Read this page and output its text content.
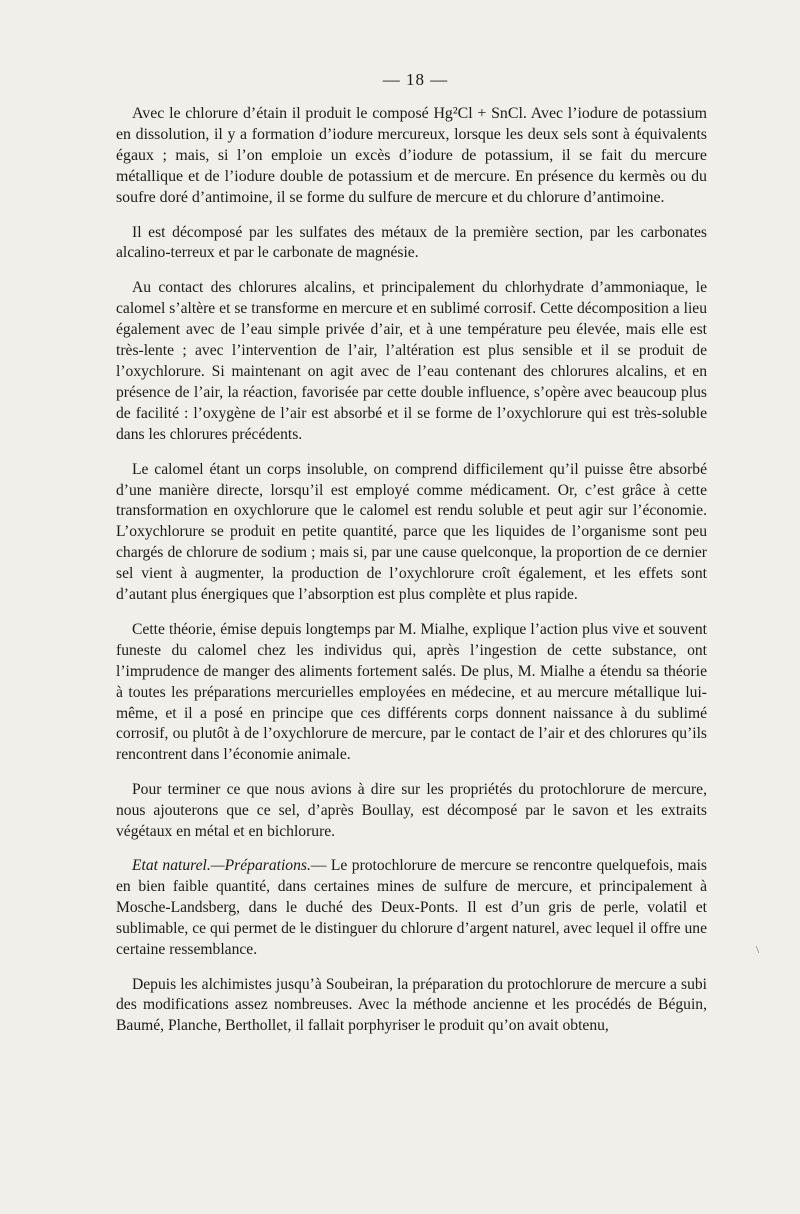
— 18 —

Avec le chlorure d’étain il produit le composé Hg²Cl + SnCl. Avec l’iodure de potassium en dissolution, il y a formation d’iodure mercureux, lorsque les deux sels sont à équivalents égaux ; mais, si l’on emploie un excès d’iodure de potassium, il se fait du mercure métallique et de l’iodure double de potassium et de mercure. En présence du kermès ou du soufre doré d’antimoine, il se forme du sulfure de mercure et du chlorure d’antimoine.

Il est décomposé par les sulfates des métaux de la première section, par les carbonates alcalino-terreux et par le carbonate de magnésie.

Au contact des chlorures alcalins, et principalement du chlorhydrate d’ammoniaque, le calomel s’altère et se transforme en mercure et en sublimé corrosif. Cette décomposition a lieu également avec de l’eau simple privée d’air, et à une température peu élevée, mais elle est très-lente ; avec l’intervention de l’air, l’altération est plus sensible et il se produit de l’oxychlorure. Si maintenant on agit avec de l’eau contenant des chlorures alcalins, et en présence de l’air, la réaction, favorisée par cette double influence, s’opère avec beaucoup plus de facilité : l’oxygène de l’air est absorbé et il se forme de l’oxychlorure qui est très-soluble dans les chlorures précédents.

Le calomel étant un corps insoluble, on comprend difficilement qu’il puisse être absorbé d’une manière directe, lorsqu’il est employé comme médicament. Or, c’est grâce à cette transformation en oxychlorure que le calomel est rendu soluble et peut agir sur l’économie. L’oxychlorure se produit en petite quantité, parce que les liquides de l’organisme sont peu chargés de chlorure de sodium ; mais si, par une cause quelconque, la proportion de ce dernier sel vient à augmenter, la production de l’oxychlorure croît également, et les effets sont d’autant plus énergiques que l’absorption est plus complète et plus rapide.

Cette théorie, émise depuis longtemps par M. Mialhe, explique l’action plus vive et souvent funeste du calomel chez les individus qui, après l’ingestion de cette substance, ont l’imprudence de manger des aliments fortement salés. De plus, M. Mialhe a étendu sa théorie à toutes les préparations mercurielles employées en médecine, et au mercure métallique lui-même, et il a posé en principe que ces différents corps donnent naissance à du sublimé corrosif, ou plutôt à de l’oxychlorure de mercure, par le contact de l’air et des chlorures qu’ils rencontrent dans l’économie animale.

Pour terminer ce que nous avions à dire sur les propriétés du protochlorure de mercure, nous ajouterons que ce sel, d’après Boullay, est décomposé par le savon et les extraits végétaux en métal et en bichlorure.

Etat naturel.—Préparations.— Le protochlorure de mercure se rencontre quelquefois, mais en bien faible quantité, dans certaines mines de sulfure de mercure, et principalement à Mosche-Landsberg, dans le duché des Deux-Ponts. Il est d’un gris de perle, volatil et sublimable, ce qui permet de le distinguer du chlorure d’argent naturel, avec lequel il offre une certaine ressemblance.

Depuis les alchimistes jusqu’à Soubeiran, la préparation du protochlorure de mercure a subi des modifications assez nombreuses. Avec la méthode ancienne et les procédés de Béguin, Baumé, Planche, Berthollet, il fallait porphyriser le produit qu’on avait obtenu,

\
